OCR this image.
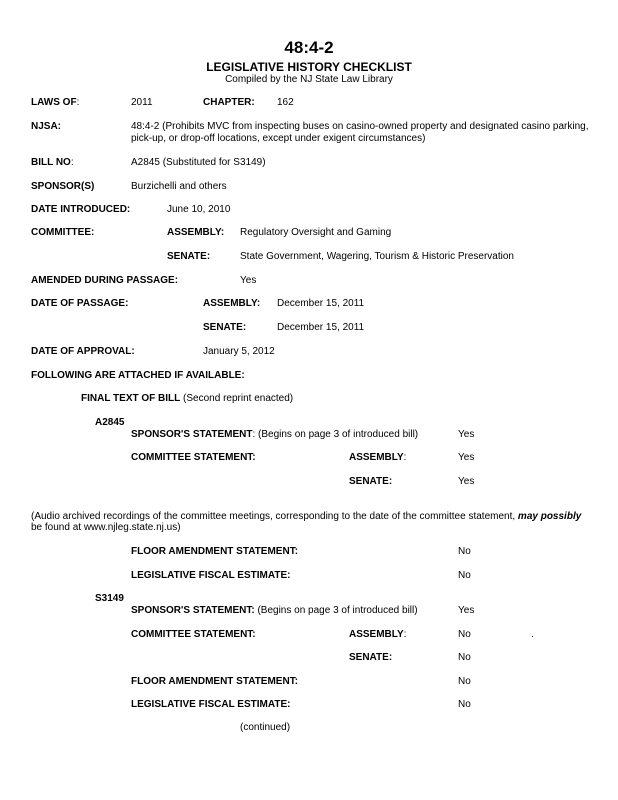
48:4-2
LEGISLATIVE HISTORY CHECKLIST
Compiled by the NJ State Law Library
LAWS OF:	2011	CHAPTER: 162
NJSA:	48:4-2 (Prohibits MVC from inspecting buses on casino-owned property and designated casino parking,
pick-up, or drop-off locations, except under exigent circumstances)
BILL NO:	A2845 (Substituted for S3149)
SPONSOR(S)	Burzichelli and others
DATE INTRODUCED:	June 10, 2010
COMMITTEE:	ASSEMBLY: Regulatory Oversight and Gaming
SENATE:	State Government, Wagering, Tourism & Historic Preservation
AMENDED DURING PASSAGE:	Yes
DATE OF PASSAGE:	ASSEMBLY: December 15, 2011
SENATE:	December 15, 2011
DATE OF APPROVAL:	January 5, 2012
FOLLOWING ARE ATTACHED IF AVAILABLE:
FINAL TEXT OF BILL (Second reprint enacted)
A2845
SPONSOR'S STATEMENT: (Begins on page 3 of introduced bill)	Yes
COMMITTEE STATEMENT:	ASSEMBLY:	Yes
SENATE:	Yes
(Audio archived recordings of the committee meetings, corresponding to the date of the committee statement, may possibly
be found at www.njleg.state.nj.us)
FLOOR AMENDMENT STATEMENT:	No
LEGISLATIVE FISCAL ESTIMATE:	No
S3149
SPONSOR'S STATEMENT: (Begins on page 3 of introduced bill)	Yes
COMMITTEE STATEMENT:	ASSEMBLY:	No	.
SENATE:	No
FLOOR AMENDMENT STATEMENT:	No
LEGISLATIVE FISCAL ESTIMATE:	No
(continued)
